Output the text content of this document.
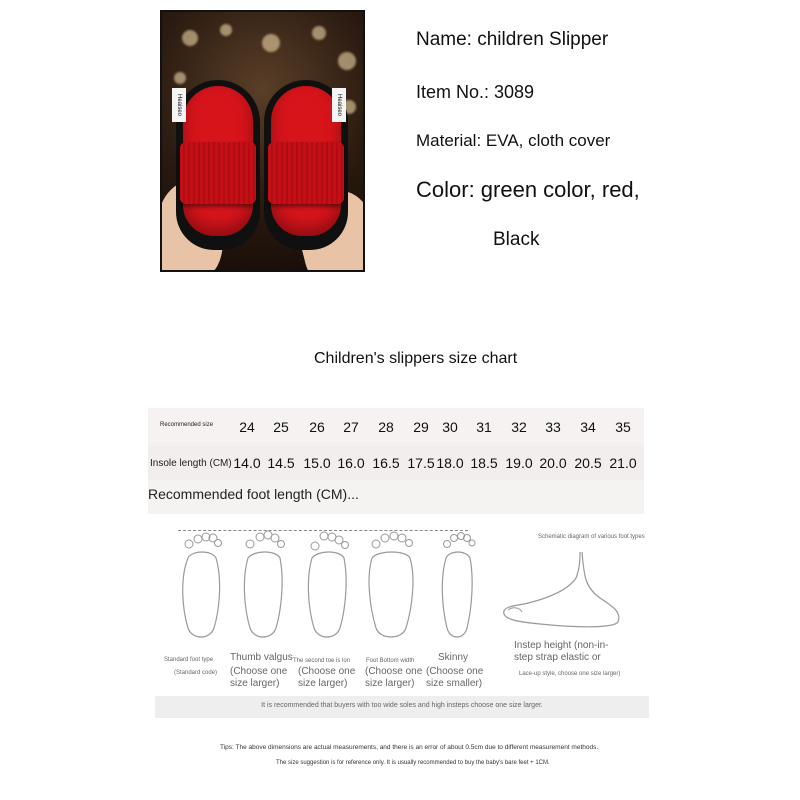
Heaiseo	Heaiseo
Name: children Slipper
Item No.: 3089
Material: EVA, cloth cover
Color: green color, red,
Black
Children's slippers size chart
Recommended size	24	25	26	27	28	29 30	31	32	33	34	35
Insole length (CM) 14.0 14.5 15.0 16.0 16.5 17.5 18.0 18.5 19.0 20.0 20.5 21.0
Recommended foot length (CM)...
Schematic diagram of various foot types
Standard foot type
(Standard code)
Thumb valgus
(Choose one size larger)
The second toe is lon
(Choose one size larger)
Foot Bottom width
(Choose one size larger)
Skinny
(Choose one size smaller)
Instep height (non-in-step strap elastic or
Lace-up style, choose one size larger)
It is recommended that buyers with too wide soles and high insteps choose one size larger.
Tips: The above dimensions are actual measurements, and there is an error of about 0.5cm due to different measurement methods.
The size suggestion is for reference only. It is usually recommended to buy the baby's bare feet + 1CM.
